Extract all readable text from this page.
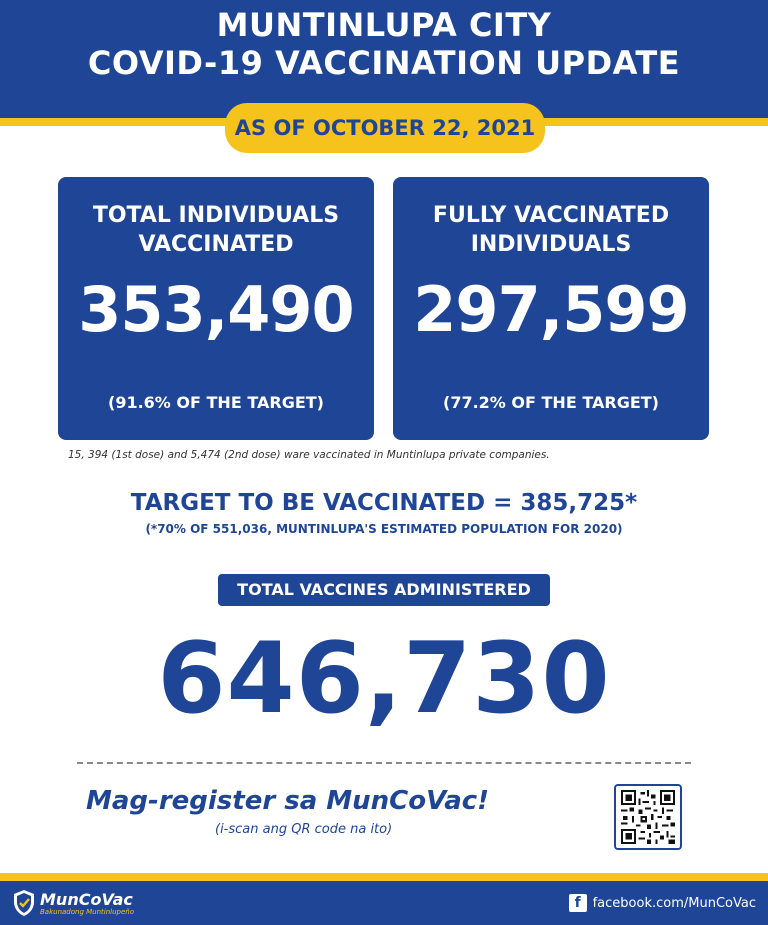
MUNTINLUPA CITY
COVID-19 VACCINATION UPDATE
AS OF OCTOBER 22, 2021
TOTAL INDIVIDUALS
VACCINATED
353,490
(91.6% OF THE TARGET)
FULLY VACCINATED
INDIVIDUALS
297,599
(77.2% OF THE TARGET)
15, 394 (1st dose) and 5,474 (2nd dose) ware vaccinated in Muntinlupa private companies.
TARGET TO BE VACCINATED = 385,725*
(*70% OF 551,036, MUNTINLUPA'S ESTIMATED POPULATION FOR 2020)
TOTAL VACCINES ADMINISTERED
646,730
Mag-register sa MunCoVac!
(i-scan ang QR code na ito)
MunCoVac
Bakunadong Muntinlupeño
f facebook.com/MunCoVac
